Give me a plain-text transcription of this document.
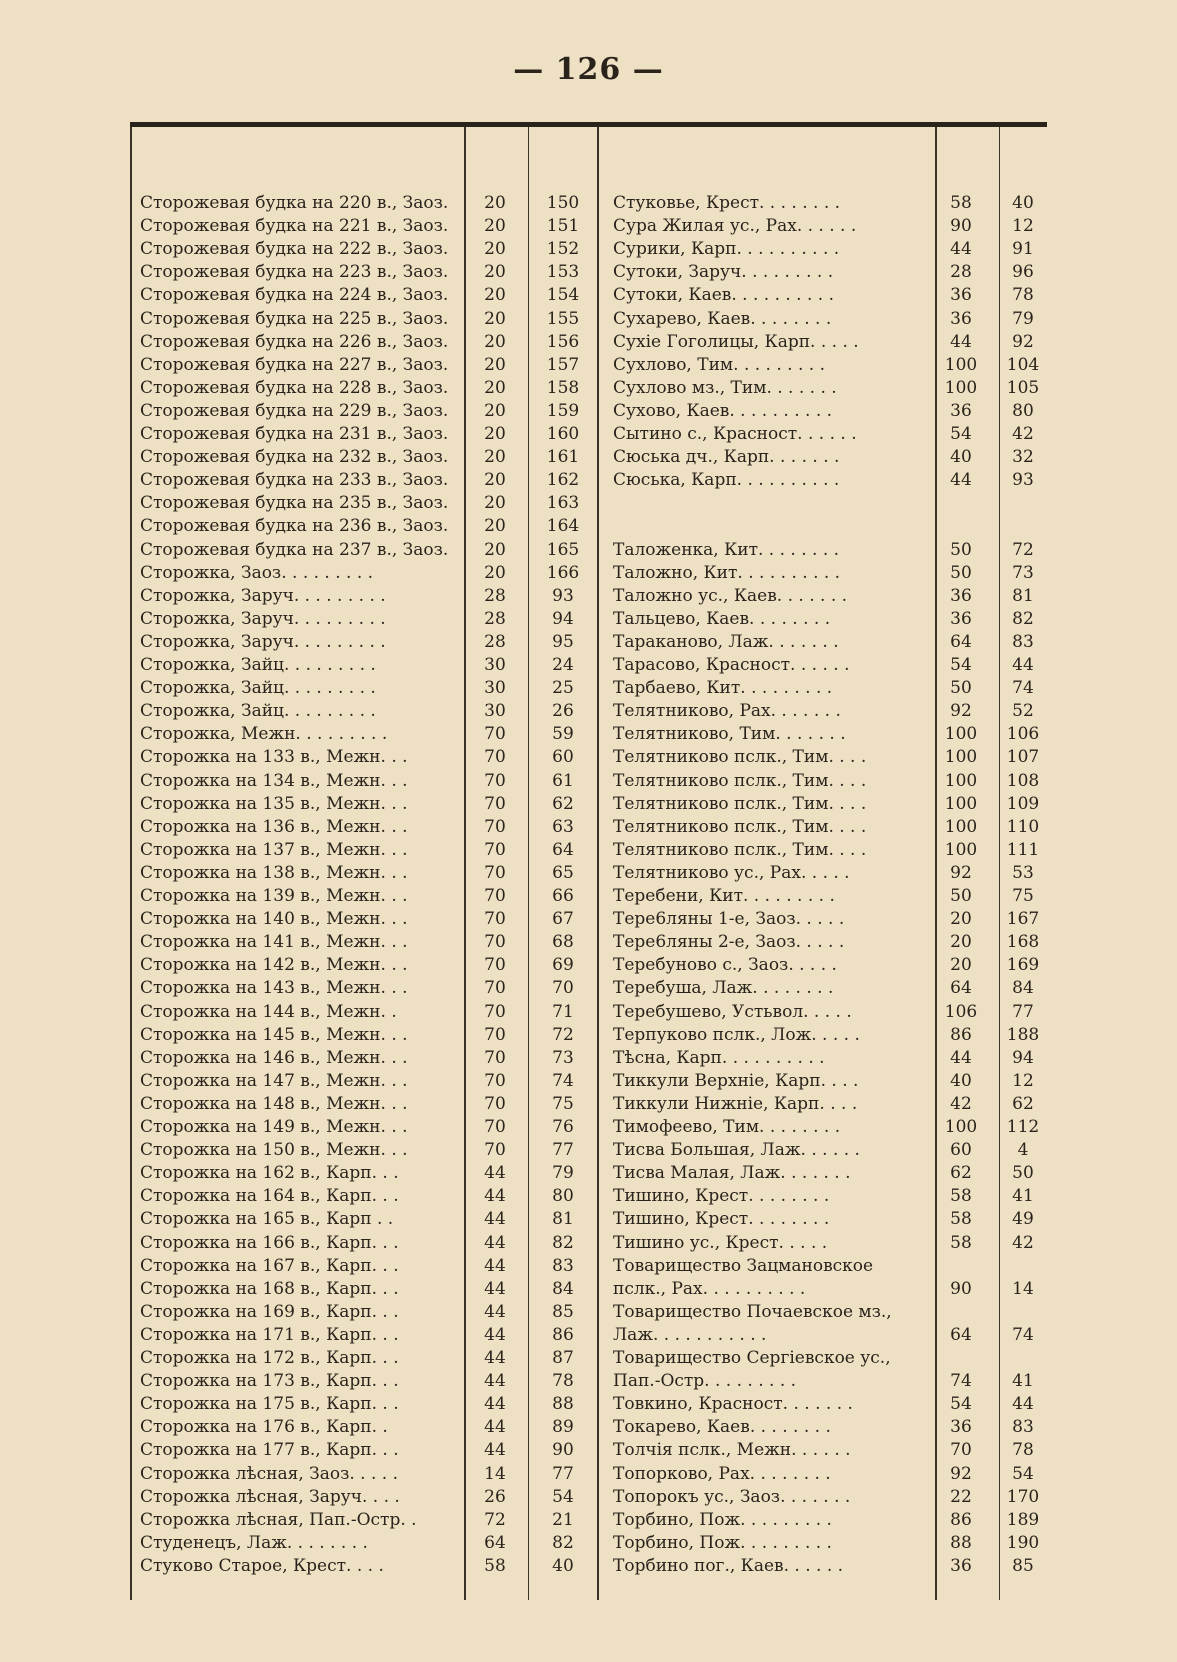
— 126 —
Сторожевая будка на 220 в., Заоз.	20	150
Сторожевая будка на 221 в., Заоз.	20	151
Сторожевая будка на 222 в., Заоз.	20	152
Сторожевая будка на 223 в., Заоз.	20	153
Сторожевая будка на 224 в., Заоз.	20	154
Сторожевая будка на 225 в., Заоз.	20	155
Сторожевая будка на 226 в., Заоз.	20	156
Сторожевая будка на 227 в., Заоз.	20	157
Сторожевая будка на 228 в., Заоз.	20	158
Сторожевая будка на 229 в., Заоз.	20	159
Сторожевая будка на 231 в., Заоз.	20	160
Сторожевая будка на 232 в., Заоз.	20	161
Сторожевая будка на 233 в., Заоз.	20	162
Сторожевая будка на 235 в., Заоз.	20	163
Сторожевая будка на 236 в., Заоз.	20	164
Сторожевая будка на 237 в., Заоз.	20	165
Сторожка, Заоз. . . . . . . . .	20	166
Сторожка, Заруч. . . . . . . . .	28	93
Сторожка, Заруч. . . . . . . . .	28	94
Сторожка, Заруч. . . . . . . . .	28	95
Сторожка, Зайц. . . . . . . . .	30	24
Сторожка, Зайц. . . . . . . . .	30	25
Сторожка, Зайц. . . . . . . . .	30	26
Сторожка, Межн. . . . . . . . .	70	59
Сторожка на 133 в., Межн. . .	70	60
Сторожка на 134 в., Межн. . .	70	61
Сторожка на 135 в., Межн. . .	70	62
Сторожка на 136 в., Межн. . .	70	63
Сторожка на 137 в., Межн. . .	70	64
Сторожка на 138 в., Межн. . .	70	65
Сторожка на 139 в., Межн. . .	70	66
Сторожка на 140 в., Межн. . .	70	67
Сторожка на 141 в., Межн. . .	70	68
Сторожка на 142 в., Межн. . .	70	69
Сторожка на 143 в., Межн. . .	70	70
Сторожка на 144 в., Межн. .	70	71
Сторожка на 145 в., Межн. . .	70	72
Сторожка на 146 в., Межн. . .	70	73
Сторожка на 147 в., Межн. . .	70	74
Сторожка на 148 в., Межн. . .	70	75
Сторожка на 149 в., Межн. . .	70	76
Сторожка на 150 в., Межн. . .	70	77
Сторожка на 162 в., Карп. . .	44	79
Сторожка на 164 в., Карп. . .	44	80
Сторожка на 165 в., Карп . .	44	81
Сторожка на 166 в., Карп. . .	44	82
Сторожка на 167 в., Карп. . .	44	83
Сторожка на 168 в., Карп. . .	44	84
Сторожка на 169 в., Карп. . .	44	85
Сторожка на 171 в., Карп. . .	44	86
Сторожка на 172 в., Карп. . .	44	87
Сторожка на 173 в., Карп. . .	44	78
Сторожка на 175 в., Карп. . .	44	88
Сторожка на 176 в., Карп. .	44	89
Сторожка на 177 в., Карп. . .	44	90
Сторожка лѣсная, Заоз. . . . .	14	77
Сторожка лѣсная, Заруч. . . .	26	54
Сторожка лѣсная, Пап.-Остр. .	72	21
Студенецъ, Лаж. . . . . . . .	64	82
Стуково Старое, Крест. . . .	58	40
Стуковье, Крест. . . . . . . .	58	40
Сура Жилая ус., Рах. . . . . .	90	12
Сурики, Карп. . . . . . . . . .	44	91
Сутоки, Заруч. . . . . . . . .	28	96
Сутоки, Каев. . . . . . . . . .	36	78
Сухарево, Каев. . . . . . . .	36	79
Сухіе Гоголицы, Карп. . . . .	44	92
Сухлово, Тим. . . . . . . . .	100	104
Сухлово мз., Тим. . . . . . .	100	105
Сухово, Каев. . . . . . . . . .	36	80
Сытино с., Красност. . . . . .	54	42
Сюська дч., Карп. . . . . . .	40	32
Сюська, Карп. . . . . . . . . .	44	93
Таложенка, Кит. . . . . . . .	50	72
Таложно, Кит. . . . . . . . . .	50	73
Таложно ус., Каев. . . . . . .	36	81
Тальцево, Каев. . . . . . . .	36	82
Тараканово, Лаж. . . . . . .	64	83
Тарасово, Красност. . . . . .	54	44
Тарбаево, Кит. . . . . . . . .	50	74
Телятниково, Рах. . . . . . .	92	52
Телятниково, Тим. . . . . . .	100	106
Телятниково пслк., Тим. . . .	100	107
Телятниково пслк., Тим. . . .	100	108
Телятниково пслк., Тим. . . .	100	109
Телятниково пслк., Тим. . . .	100	110
Телятниково пслк., Тим. . . .	100	111
Телятниково ус., Рах. . . . .	92	53
Теребени, Кит. . . . . . . . .	50	75
Тере6ляны 1-е, Заоз. . . . .	20	167
Тере6ляны 2-е, Заоз. . . . .	20	168
Теребуново с., Заоз. . . . .	20	169
Теребуша, Лаж. . . . . . . .	64	84
Теребушево, Устьвол. . . . .	106	77
Терпуково пслк., Лож. . . . .	86	188
Тѣсна, Карп. . . . . . . . . .	44	94
Тиккули Верхніе, Карп. . . .	40	12
Тиккули Нижніе, Карп. . . .	42	62
Тимофеево, Тим. . . . . . . .	100	112
Тисва Большая, Лаж. . . . . .	60	4
Тисва Малая, Лаж. . . . . . .	62	50
Тишино, Крест. . . . . . . .	58	41
Тишино, Крест. . . . . . . .	58	49
Тишино ус., Крест. . . . .	58	42
Товарищество Зацмановское
пслк., Рах. . . . . . . . . .	90	14
Товарищество Почаевское мз.,
Лаж. . . . . . . . . . .	64	74
Товарищество Сергіевское ус.,
Пап.-Остр. . . . . . . . .	74	41
Товкино, Красност. . . . . . .	54	44
Токарево, Каев. . . . . . . .	36	83
Толчія пслк., Межн. . . . . .	70	78
Топорково, Рах. . . . . . . .	92	54
Топорокъ ус., Заоз. . . . . . .	22	170
Торбино, Пож. . . . . . . . .	86	189
Торбино, Пож. . . . . . . . .	88	190
Торбино пог., Каев. . . . . .	36	85
